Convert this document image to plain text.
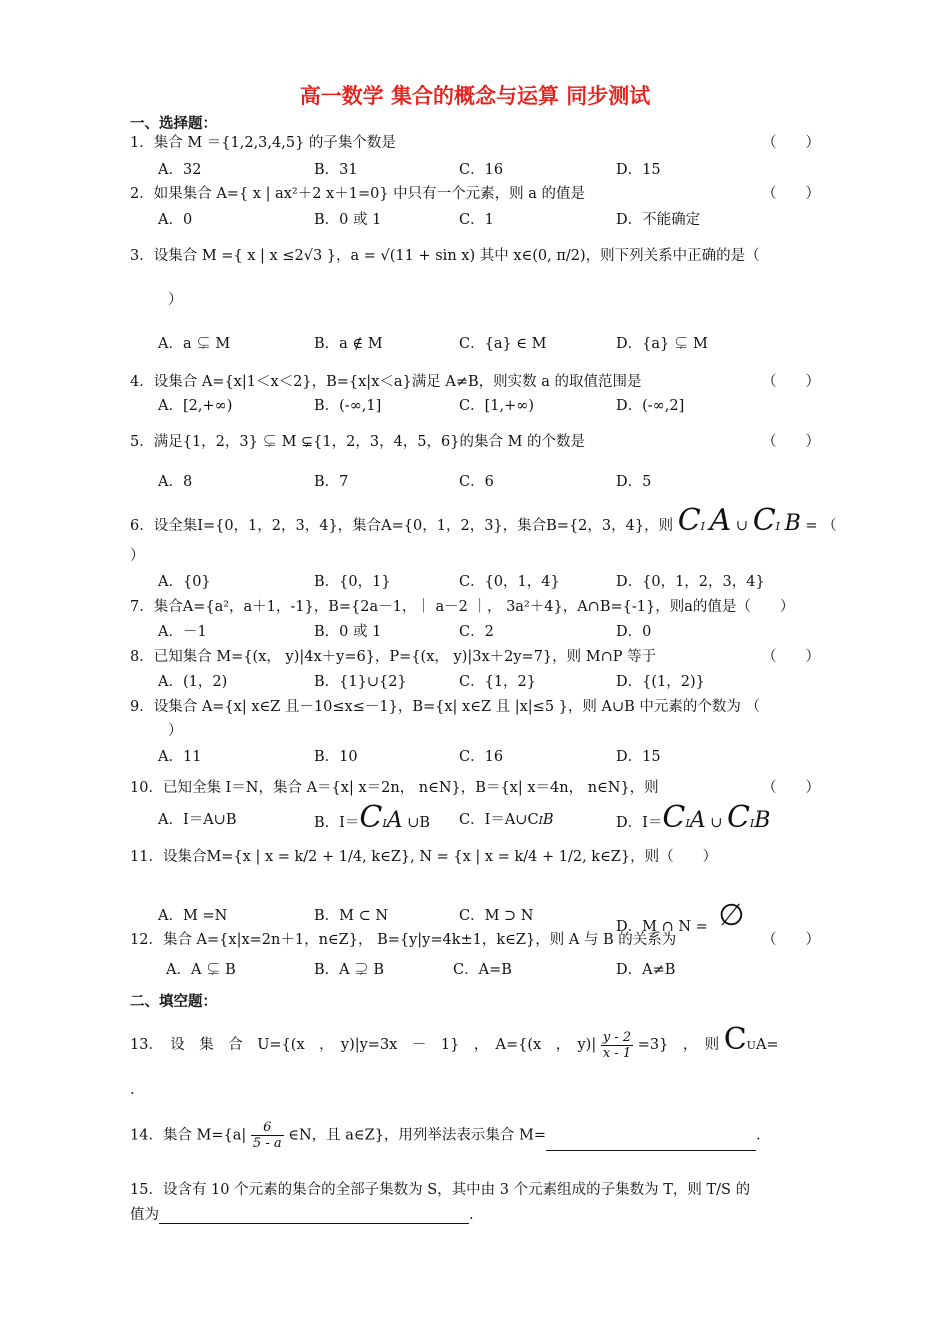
高一数学 集合的概念与运算 同步测试
一、选择题：
1．集合 M ＝{1,2,3,4,5} 的子集个数是	（　　）
A．32	B．31	C．16	D．15
2．如果集合 A={ x | ax²＋2 x＋1=0} 中只有一个元素，则 a 的值是	（　　）
A．0	B．0 或 1	C．1	D．不能确定
3．设集合 M ={ x | x ≤2√3 }，a = √(11 + sin x) 其中 x∈(0, π/2)，则下列关系中正确的是（
）
A．a ⊊ M	B．a ∉ M	C．{a} ∈ M	D．{a} ⊊ M
4．设集合 A={x|1＜x＜2}，B={x|x＜a}满足 A≠B，则实数 a 的取值范围是	（　　）
A．[2,+∞)	B．(-∞,1]	C．[1,+∞)	D．(-∞,2]
5．满足{1，2，3} ⊊ M ⊊{1，2，3，4，5，6}的集合 M 的个数是	（　　）
A．8	B．7	C．6	D．5
6．设全集I={0，1，2，3，4}，集合A={0，1，2，3}，集合B={2，3，4}，则 CI A ∪ CI B = （
）
A．{0}	B．{0，1}	C．{0，1，4}	D．{0，1，2，3，4}
7．集合A={a²，a＋1，-1}，B={2a－1，｜ a－2 ｜， 3a²＋4}，A∩B={-1}，则a的值是（　　）
A．－1	B．0 或 1	C．2	D．0
8．已知集合 M={(x， y)|4x＋y=6}，P={(x， y)|3x＋2y=7}，则 M∩P 等于	（　　）
A．(1，2)	B．{1}∪{2}	C．{1，2}	D．{(1，2)}
9．设集合 A={x| x∈Z 且－10≤x≤－1}，B={x| x∈Z 且 |x|≤5 }，则 A∪B 中元素的个数为 （
）
A．11	B．10	C．16	D．15
10．已知全集 I＝N，集合 A＝{x| x＝2n， n∈N}，B＝{x| x＝4n， n∈N}，则	（　　）
A．I＝A∪B	B．I＝CIA ∪B C．I＝A∪CIB	D．I＝CIA ∪ CIB
11．设集合M={x | x = k/2 + 1/4, k∈Z}, N = {x | x = k/4 + 1/2, k∈Z}，则（　　）
A．M =N	B．M ⊂ N	C．M ⊃ N
D．M ∩ N = ∅
12．集合 A={x|x=2n＋1，n∈Z}， B={y|y=4k±1，k∈Z}，则 A 与 B 的关系为	（　　）
A．A ⊊ B	B．A ⊋ B	C．A=B	D．A≠B
二、填空题：
13．　设　集　合　U={(x　，　y)|y=3x　－　1}　，　A={(x　，　$y)| \frac{y - 2}{x - 1} =3$}　，　则 CUA=
.
14．集合 $M=\{a| \frac{6}{5 - a}$ ∈N，且 a∈Z}，用列举法表示集合 M=	.
15．设含有 10 个元素的集合的全部子集数为 S，其中由 3 个元素组成的子集数为 T，则 T/S 的
值为	.
